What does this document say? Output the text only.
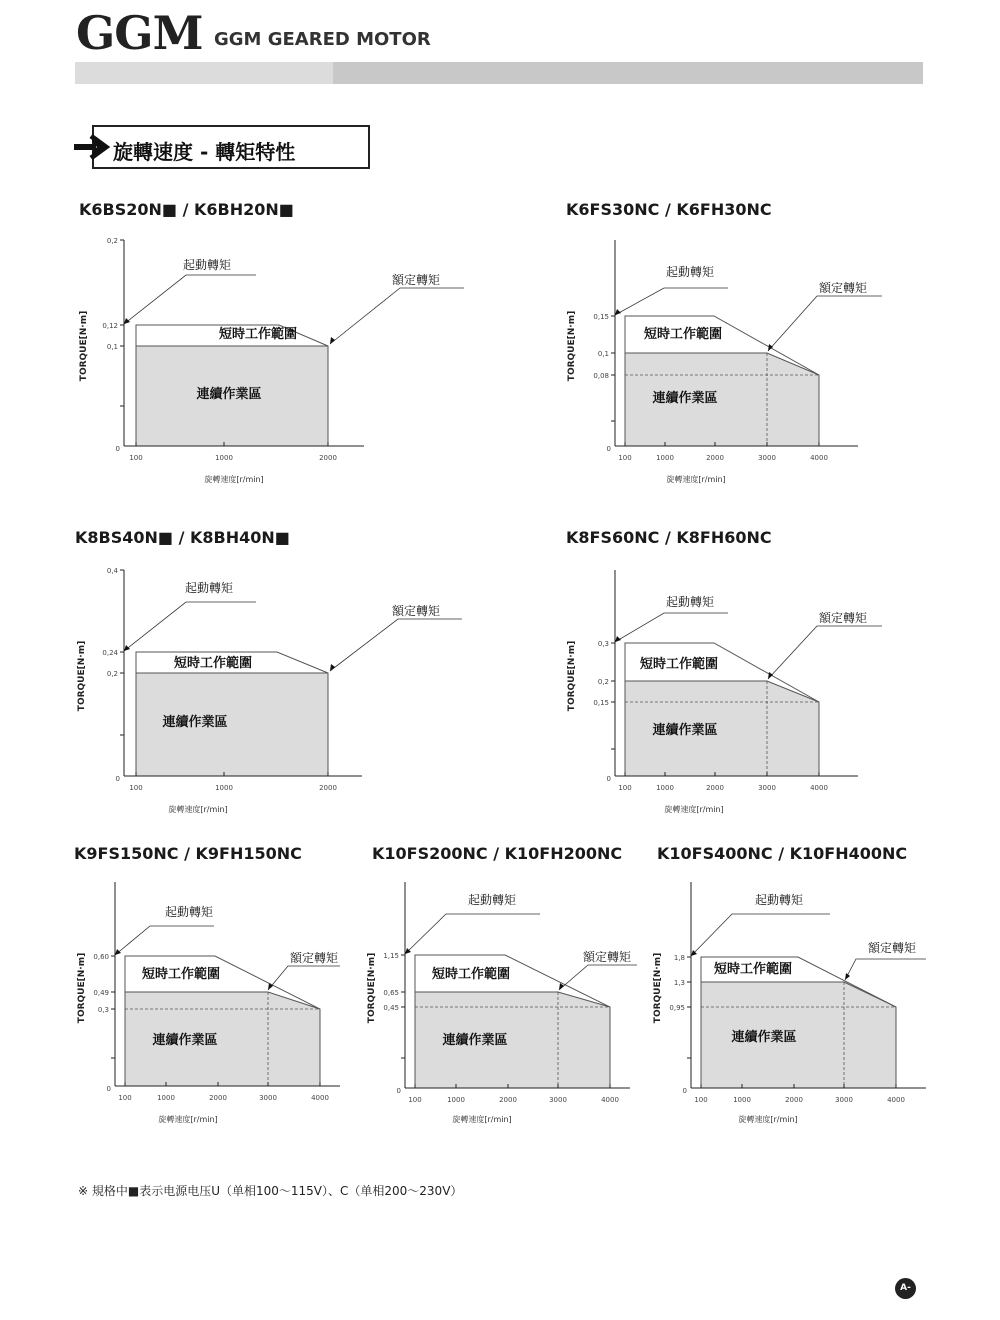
GGM GGM GEARED MOTOR
旋轉速度 - 轉矩特性
K6BS20N■ / K6BH20N■
0,2
0,12
0,1
100	1000	2000
0
TORQUE[N·m]
旋轉速度[r/min]
起動轉矩
額定轉矩
短時工作範圍
連續作業區
K6FS30NC / K6FH30NC
0,15
0,1
0,08
100	1000	2000	3000	4000
0
TORQUE[N·m]
旋轉速度[r/min]
起動轉矩
額定轉矩
短時工作範圍
連續作業區
K8BS40N■ / K8BH40N■
0,4
0,24
0,2
100	1000	2000
0
TORQUE[N·m]
旋轉速度[r/min]
起動轉矩
額定轉矩
短時工作範圍
連續作業區
K8FS60NC / K8FH60NC
0,3
0,2
0,15
100	1000	2000	3000	4000
0
TORQUE[N·m]
旋轉速度[r/min]
起動轉矩
額定轉矩
短時工作範圍
連續作業區
K9FS150NC / K9FH150NC
0,60
0,49
0,3
100	1000	2000	3000	4000
0
TORQUE[N·m]
旋轉速度[r/min]
起動轉矩
額定轉矩
短時工作範圍
連續作業區
K10FS200NC / K10FH200NC
1,15
0,65
0,45
100	1000	2000	3000	4000
0
TORQUE[N·m]
旋轉速度[r/min]
起動轉矩
額定轉矩
短時工作範圍
連續作業區
K10FS400NC / K10FH400NC
1,8
1,3
0,95
100	1000	2000	3000	4000
0
TORQUE[N·m]
旋轉速度[r/min]
起動轉矩
額定轉矩
短時工作範圍
連續作業區
※ 規格中■表示电源电压U（单相100〜115V）、C（单相200〜230V）
A-21
